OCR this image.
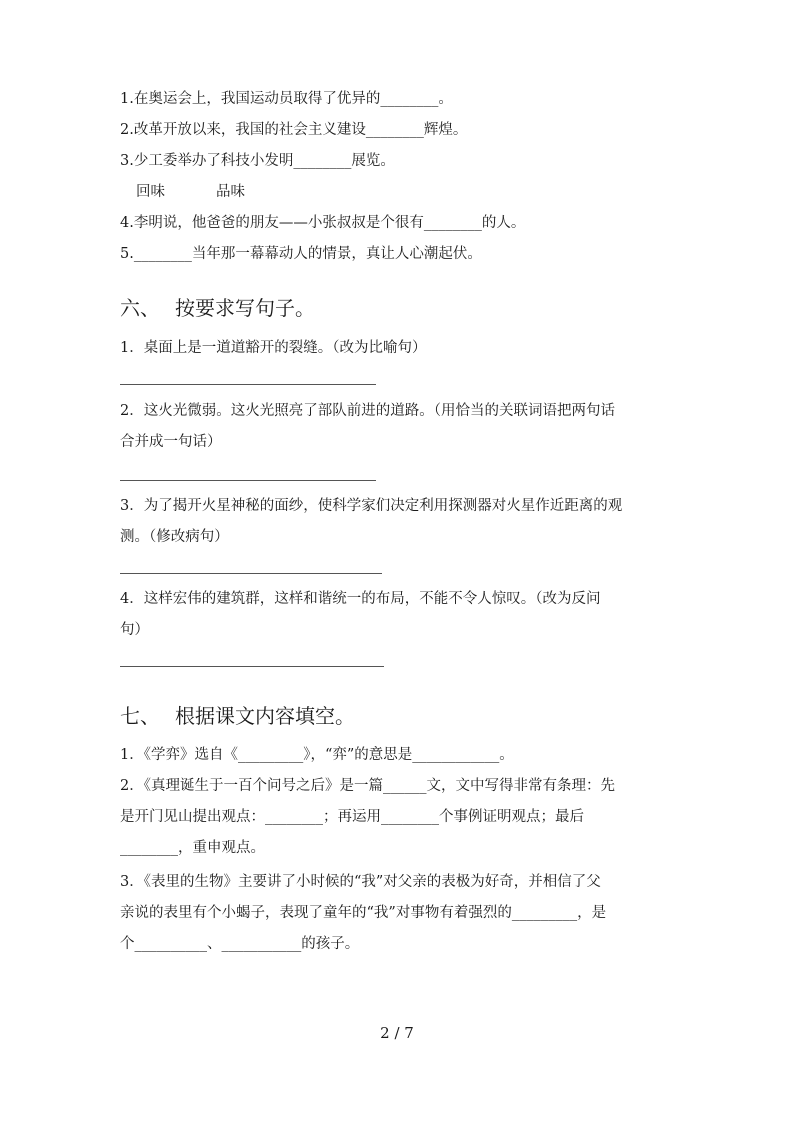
1.在奥运会上，我国运动员取得了优异的________。
2.改革开放以来，我国的社会主义建设________辉煌。
3.少工委举办了科技小发明________展览。
回味	品味
4.李明说，他爸爸的朋友——小张叔叔是个很有________的人。
5.________当年那一幕幕动人的情景，真让人心潮起伏。
六、 按要求写句子。
1．桌面上是一道道豁开的裂缝。（改为比喻句）
2．这火光微弱。这火光照亮了部队前进的道路。（用恰当的关联词语把两句话
合并成一句话）
3．为了揭开火星神秘的面纱，使科学家们决定利用探测器对火星作近距离的观
测。（修改病句）
4．这样宏伟的建筑群，这样和谐统一的布局，不能不令人惊叹。（改为反问
句）
七、 根据课文内容填空。
1．《学弈》选自《_________》，“弈”的意思是____________。
2．《真理诞生于一百个问号之后》是一篇______文，文中写得非常有条理：先
是开门见山提出观点：________；再运用________个事例证明观点；最后
________，重申观点。
3．《表里的生物》主要讲了小时候的“我”对父亲的表极为好奇，并相信了父
亲说的表里有个小蝎子，表现了童年的“我”对事物有着强烈的_________，是
个__________、___________的孩子。
2 / 7
